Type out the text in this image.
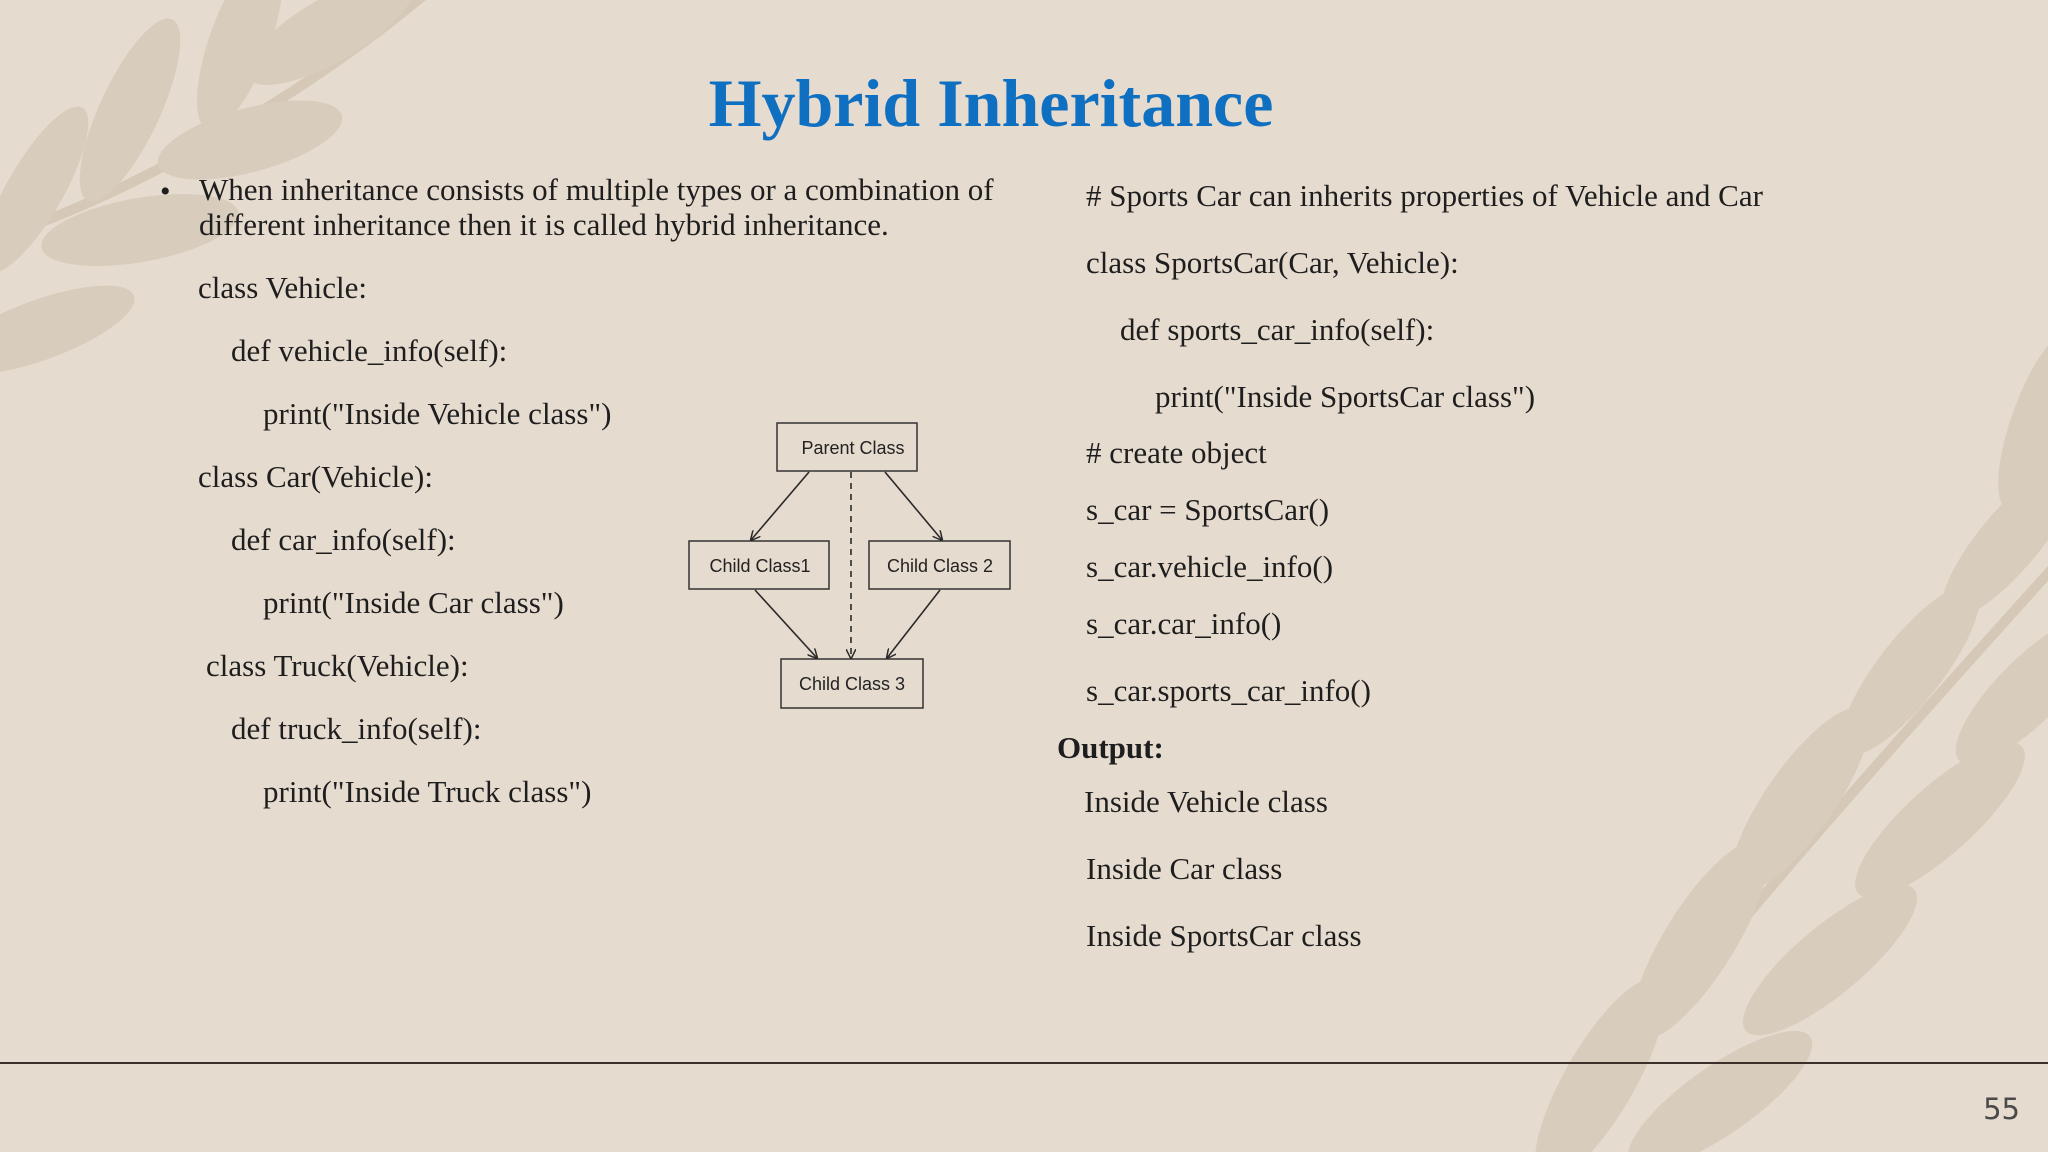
Hybrid Inheritance
• When inheritance consists of multiple types or a combination of different inheritance then it is called hybrid inheritance.
class Vehicle:
def vehicle_info(self):
print("Inside Vehicle class")
class Car(Vehicle):
def car_info(self):
print("Inside Car class")
class Truck(Vehicle):
def truck_info(self):
print("Inside Truck class")
# Sports Car can inherits properties of Vehicle and Car
class SportsCar(Car, Vehicle):
def sports_car_info(self):
print("Inside SportsCar class")
# create object
s_car = SportsCar()
s_car.vehicle_info()
s_car.car_info()
s_car.sports_car_info()
Output:
Inside Vehicle class
Inside Car class
Inside SportsCar class
Parent Class
Child Class1	Child Class 2
Child Class 3
55
